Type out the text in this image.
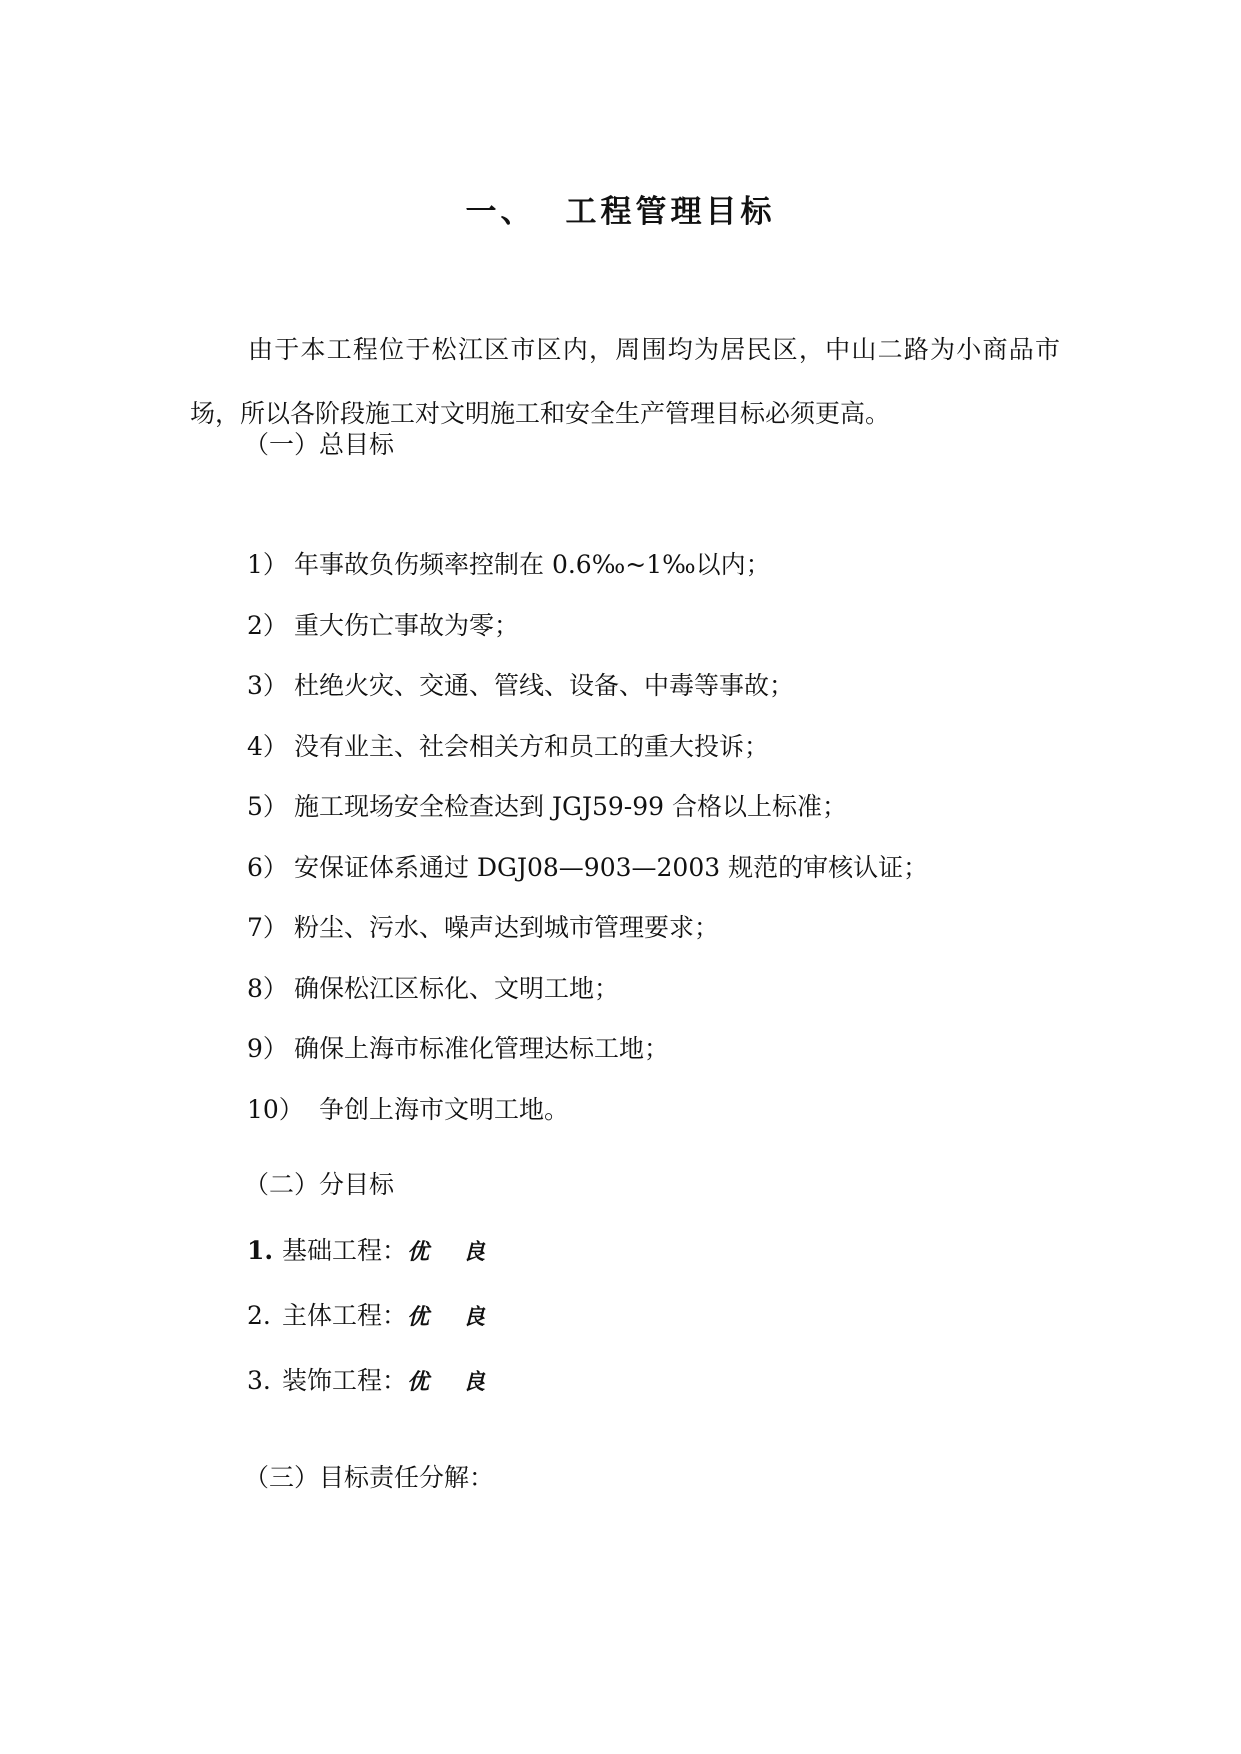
一、 工程管理目标
由于本工程位于松江区市区内，周围均为居民区，中山二路为小商品市场，所以各阶段施工对文明施工和安全生产管理目标必须更高。
（一）总目标
1） 年事故负伤频率控制在 0.6‰~1‰以内；
2） 重大伤亡事故为零；
3） 杜绝火灾、交通、管线、设备、中毒等事故；
4） 没有业主、社会相关方和员工的重大投诉；
5） 施工现场安全检查达到 JGJ59-99 合格以上标准；
6） 安保证体系通过 DGJ08—903—2003 规范的审核认证；
7） 粉尘、污水、噪声达到城市管理要求；
8） 确保松江区标化、文明工地；
9） 确保上海市标准化管理达标工地；
10） 争创上海市文明工地。
（二）分目标
1. 基础工程：优良
2. 主体工程：优良
3. 装饰工程：优良
（三）目标责任分解：
